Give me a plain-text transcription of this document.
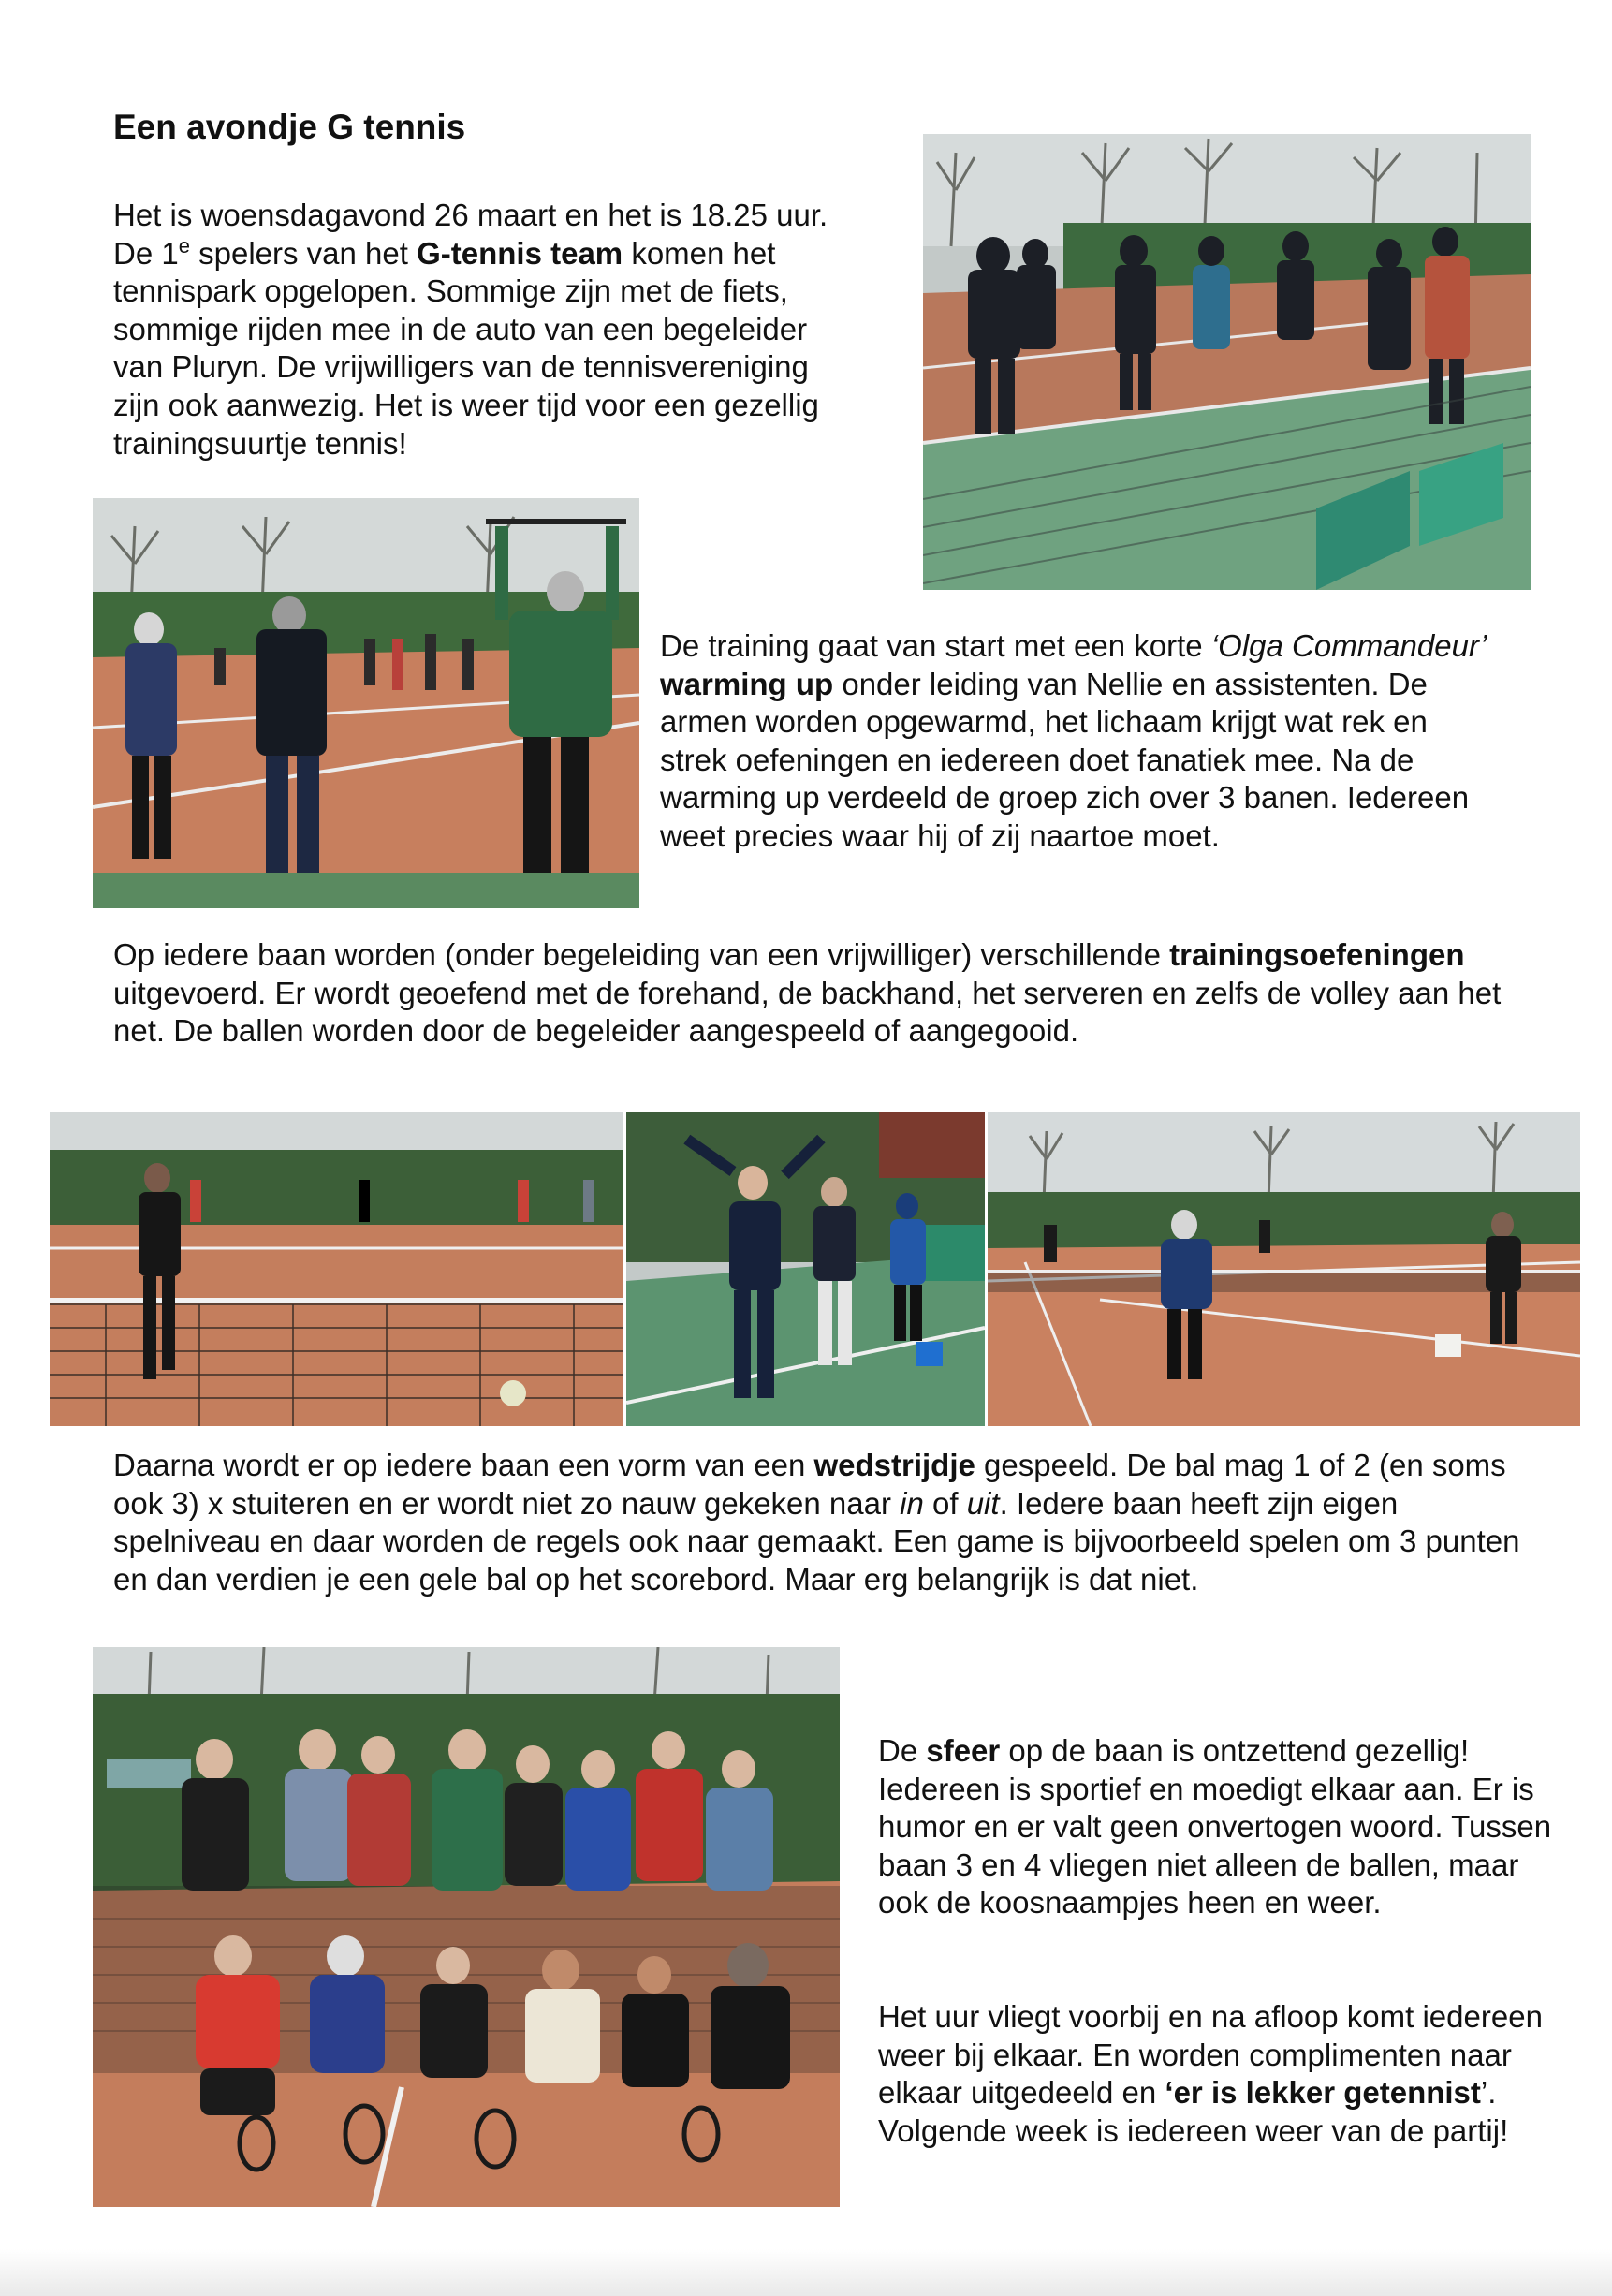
Een avondje G tennis

Het is woensdagavond 26 maart en het is 18.25 uur. De 1e spelers van het G-tennis team komen het tennispark opgelopen. Sommige zijn met de fiets, sommige rijden mee in de auto van een begeleider van Pluryn. De vrijwilligers van de tennisvereniging zijn ook aanwezig. Het is weer tijd voor een gezellig trainingsuurtje tennis!

De training gaat van start met een korte ‘Olga Commandeur’ warming up onder leiding van Nellie en assistenten. De armen worden opgewarmd, het lichaam krijgt wat rek en strek oefeningen en iedereen doet fanatiek mee. Na de warming up verdeeld de groep zich over 3 banen. Iedereen weet precies waar hij of zij naartoe moet.

Op iedere baan worden (onder begeleiding van een vrijwilliger) verschillende trainingsoefeningen uitgevoerd. Er wordt geoefend met de forehand, de backhand, het serveren en zelfs de volley aan het net. De ballen worden door de begeleider aangespeeld of aangegooid.

Daarna wordt er op iedere baan een vorm van een wedstrijdje gespeeld. De bal mag 1 of 2 (en soms ook 3) x stuiteren en er wordt niet zo nauw gekeken naar in of uit. Iedere baan heeft zijn eigen spelniveau en daar worden de regels ook naar gemaakt. Een game is bijvoorbeeld spelen om 3 punten en dan verdien je een gele bal op het scorebord. Maar erg belangrijk is dat niet.

De sfeer op de baan is ontzettend gezellig! Iedereen is sportief en moedigt elkaar aan. Er is humor en er valt geen onvertogen woord. Tussen baan 3 en 4 vliegen niet alleen de ballen, maar ook de koosnaampjes heen en weer.

Het uur vliegt voorbij en na afloop komt iedereen weer bij elkaar. En worden complimenten naar elkaar uitgedeeld en ‘er is lekker getennist’. Volgende week is iedereen weer van de partij!
